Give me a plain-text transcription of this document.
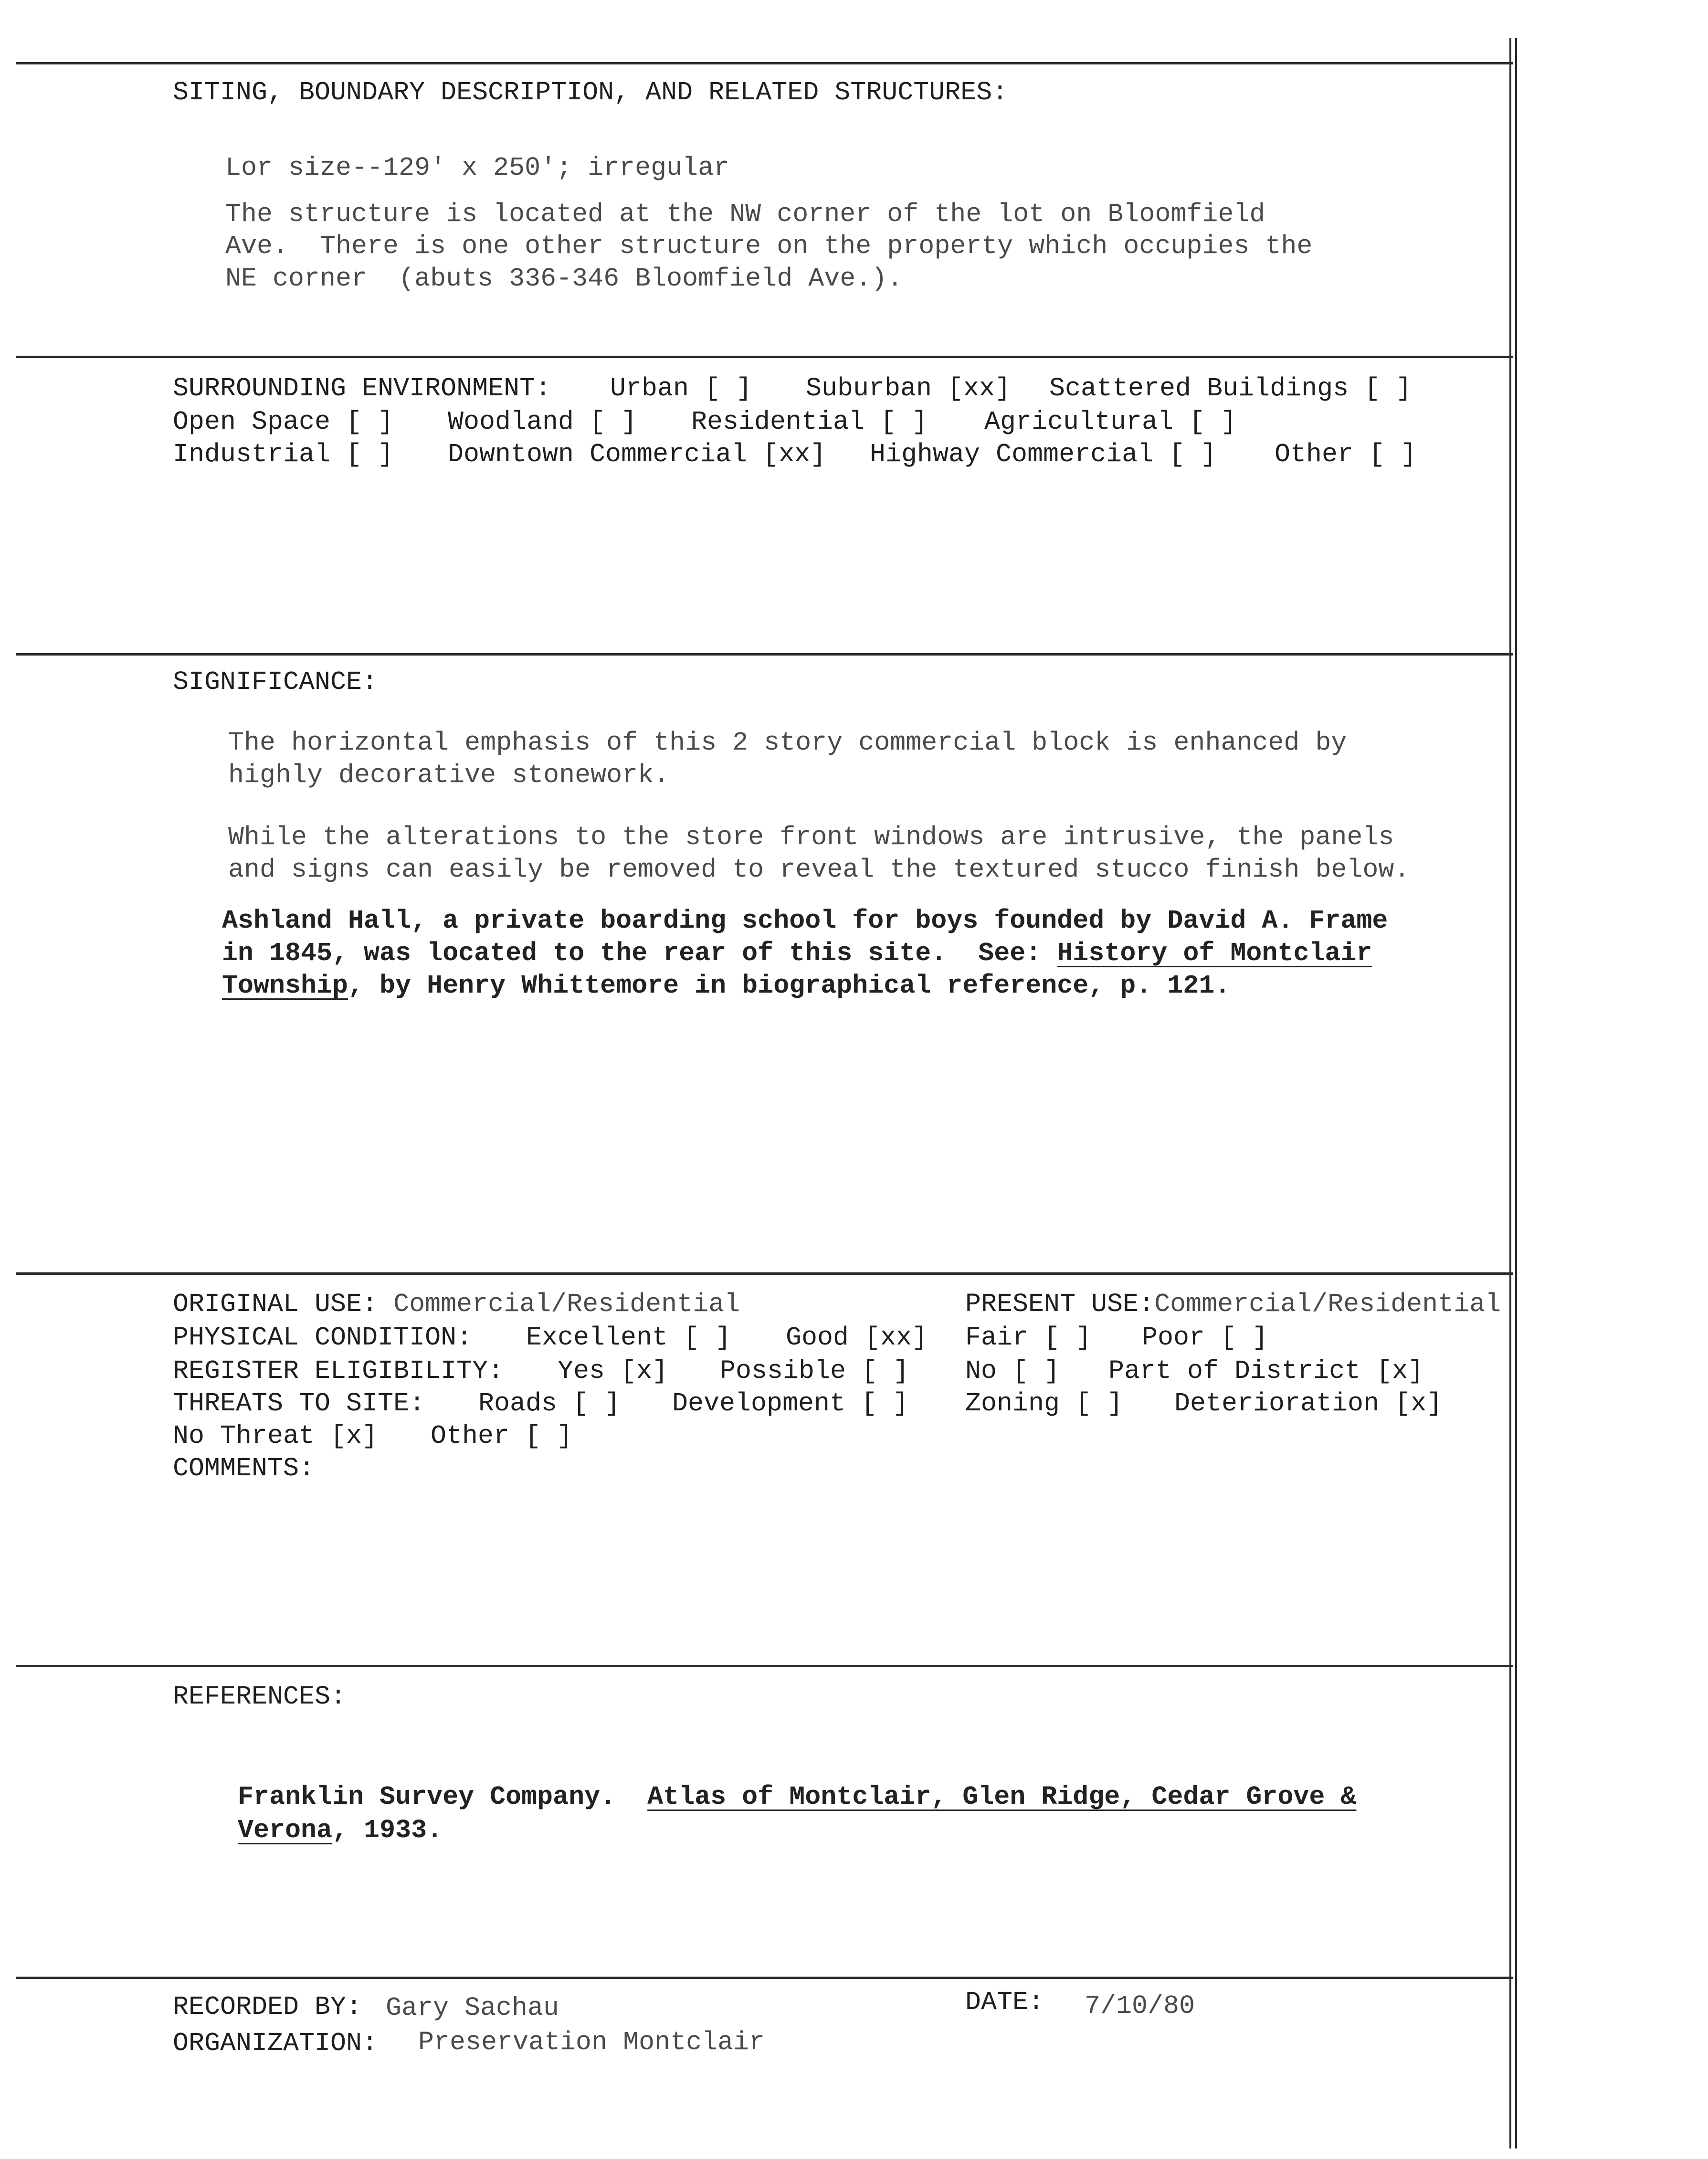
SITING, BOUNDARY DESCRIPTION, AND RELATED STRUCTURES:
Lor size--129' x 250'; irregular
The structure is located at the NW corner of the lot on Bloomfield
Ave.  There is one other structure on the property which occupies the
NE corner  (abuts 336-346 Bloomfield Ave.).
SURROUNDING ENVIRONMENT: Urban [ ] Suburban [xx] Scattered Buildings [ ]
Open Space [ ] Woodland [ ] Residential [ ] Agricultural [ ]
Industrial [ ] Downtown Commercial [xx] Highway Commercial [ ] Other [ ]
SIGNIFICANCE:
The horizontal emphasis of this 2 story commercial block is enhanced by
highly decorative stonework.
While the alterations to the store front windows are intrusive, the panels
and signs can easily be removed to reveal the textured stucco finish below.
Ashland Hall, a private boarding school for boys founded by David A. Frame
in 1845, was located to the rear of this site.  See: History of Montclair
Township, by Henry Whittemore in biographical reference, p. 121.
ORIGINAL USE: Commercial/Residential	PRESENT USE:Commercial/Residential
PHYSICAL CONDITION: Excellent [ ] Good [xx] Fair [ ] Poor [ ]
REGISTER ELIGIBILITY: Yes [x] Possible [ ] No [ ] Part of District [x]
THREATS TO SITE: Roads [ ] Development [ ] Zoning [ ] Deterioration [x]
No Threat [x] Other [ ]
COMMENTS:
REFERENCES:
Franklin Survey Company.  Atlas of Montclair, Glen Ridge, Cedar Grove &
Verona, 1933.
RECORDED BY: Gary Sachau	DATE: 7/10/80
ORGANIZATION: Preservation Montclair
